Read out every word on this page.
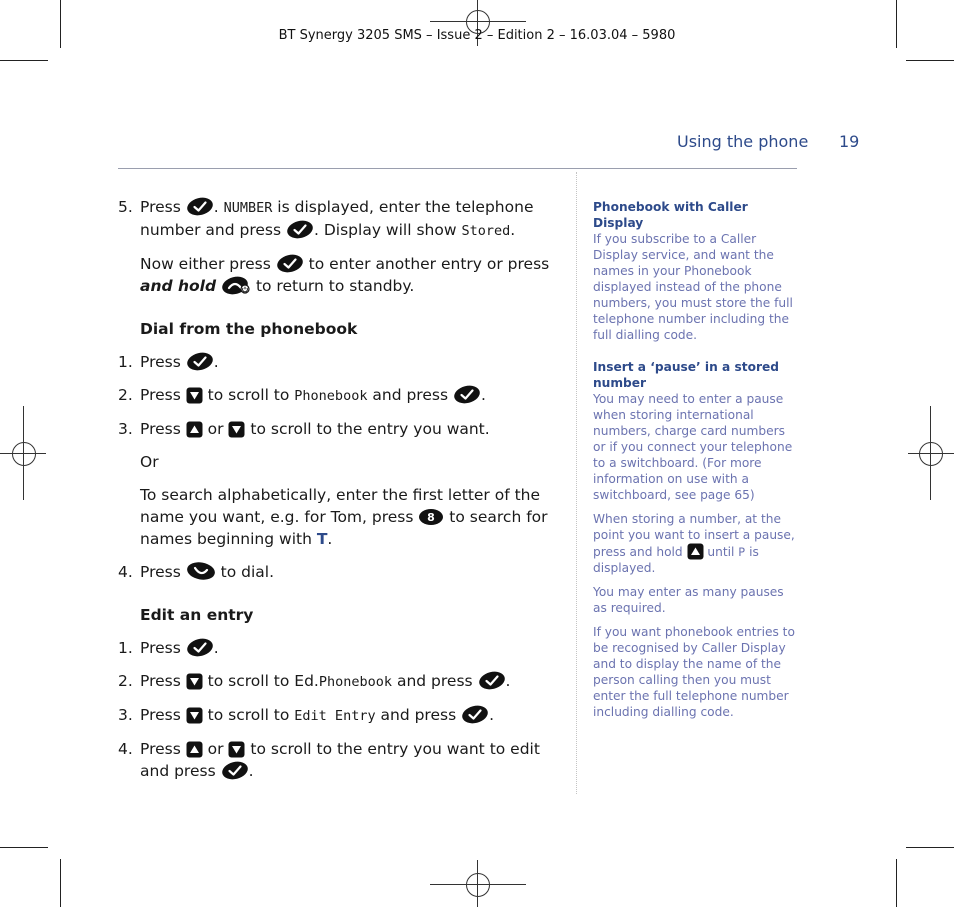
BT Synergy 3205 SMS – Issue 2 – Edition 2 – 16.03.04 – 5980
Using the phone 19
5. Press
. NUMBER is displayed, enter the telephone number and press
. Display will show Stored.
Now either press
to enter another entry or press and hold
to return to standby.
Dial from the phonebook
1. Press
.
2. Press
to scroll to Phonebook and press
.
3. Press
or
to scroll to the entry you want.
Or
To search alphabetically, enter the first letter of the name you want, e.g. for Tom, press 8 to search for names beginning with T.
4. Press
to dial.
Edit an entry
1. Press
.
2. Press
to scroll to Ed.Phonebook and press
.
3. Press
to scroll to Edit Entry and press
.
4. Press
or
to scroll to the entry you want to edit and press
.
Phonebook with Caller Display
If you subscribe to a Caller Display service, and want the names in your Phonebook displayed instead of the phone numbers, you must store the full telephone number including the full dialling code.
Insert a ‘pause’ in a stored number
You may need to enter a pause when storing international numbers, charge card numbers or if you connect your telephone to a switchboard. (For more information on use with a switchboard, see page 65)
When storing a number, at the point you want to insert a pause, press and hold
until P is displayed.
You may enter as many pauses as required.
If you want phonebook entries to be recognised by Caller Display and to display the name of the person calling then you must enter the full telephone number including dialling code.
